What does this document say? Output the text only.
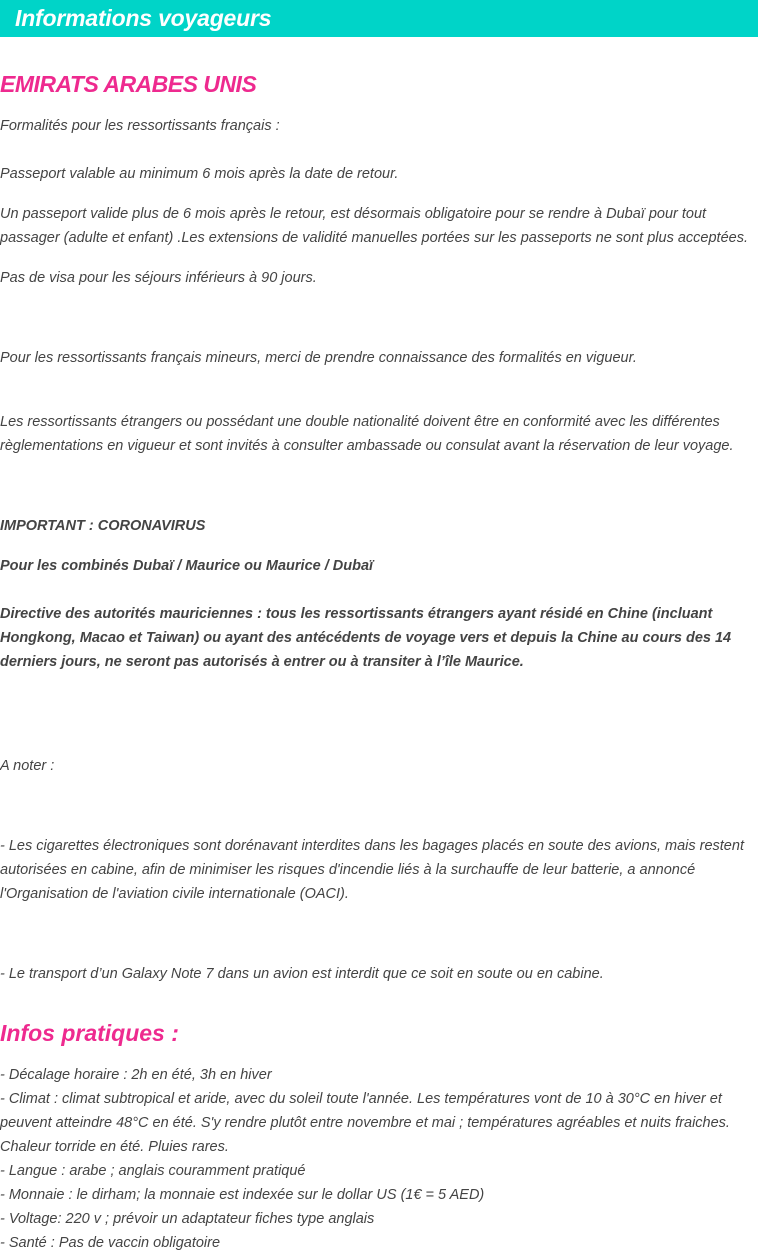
Informations voyageurs
EMIRATS ARABES UNIS

Formalités pour les ressortissants français :

Passeport valable au minimum 6 mois après la date de retour.

Un passeport valide plus de 6 mois après le retour, est désormais obligatoire pour se rendre à Dubaï pour tout passager (adulte et enfant) .Les extensions de validité manuelles portées sur les passeports ne sont plus acceptées.

Pas de visa pour les séjours inférieurs à 90 jours.

Pour les ressortissants français mineurs, merci de prendre connaissance des formalités en vigueur.

Les ressortissants étrangers ou possédant une double nationalité doivent être en conformité avec les différentes règlementations en vigueur et sont invités à consulter ambassade ou consulat avant la réservation de leur voyage.

IMPORTANT : CORONAVIRUS

Pour les combinés Dubaï / Maurice ou Maurice / Dubaï

Directive des autorités mauriciennes : tous les ressortissants étrangers ayant résidé en Chine (incluant Hongkong, Macao et Taiwan) ou ayant des antécédents de voyage vers et depuis la Chine au cours des 14 derniers jours, ne seront pas autorisés à entrer ou à transiter à l’île Maurice.

A noter :

- Les cigarettes électroniques sont dorénavant interdites dans les bagages placés en soute des avions, mais restent autorisées en cabine, afin de minimiser les risques d'incendie liés à la surchauffe de leur batterie, a annoncé l'Organisation de l'aviation civile internationale (OACI).

- Le transport d’un Galaxy Note 7 dans un avion est interdit que ce soit en soute ou en cabine.

Infos pratiques :
- Décalage horaire : 2h en été, 3h en hiver
- Climat : climat subtropical et aride, avec du soleil toute l'année. Les températures vont de 10 à 30°C en hiver et peuvent atteindre 48°C en été. S'y rendre plutôt entre novembre et mai ; températures agréables et nuits fraiches. Chaleur torride en été. Pluies rares.
- Langue : arabe ; anglais couramment pratiqué
- Monnaie : le dirham; la monnaie est indexée sur le dollar US (1€ = 5 AED)
- Voltage: 220 v ; prévoir un adaptateur fiches type anglais
- Santé : Pas de vaccin obligatoire
